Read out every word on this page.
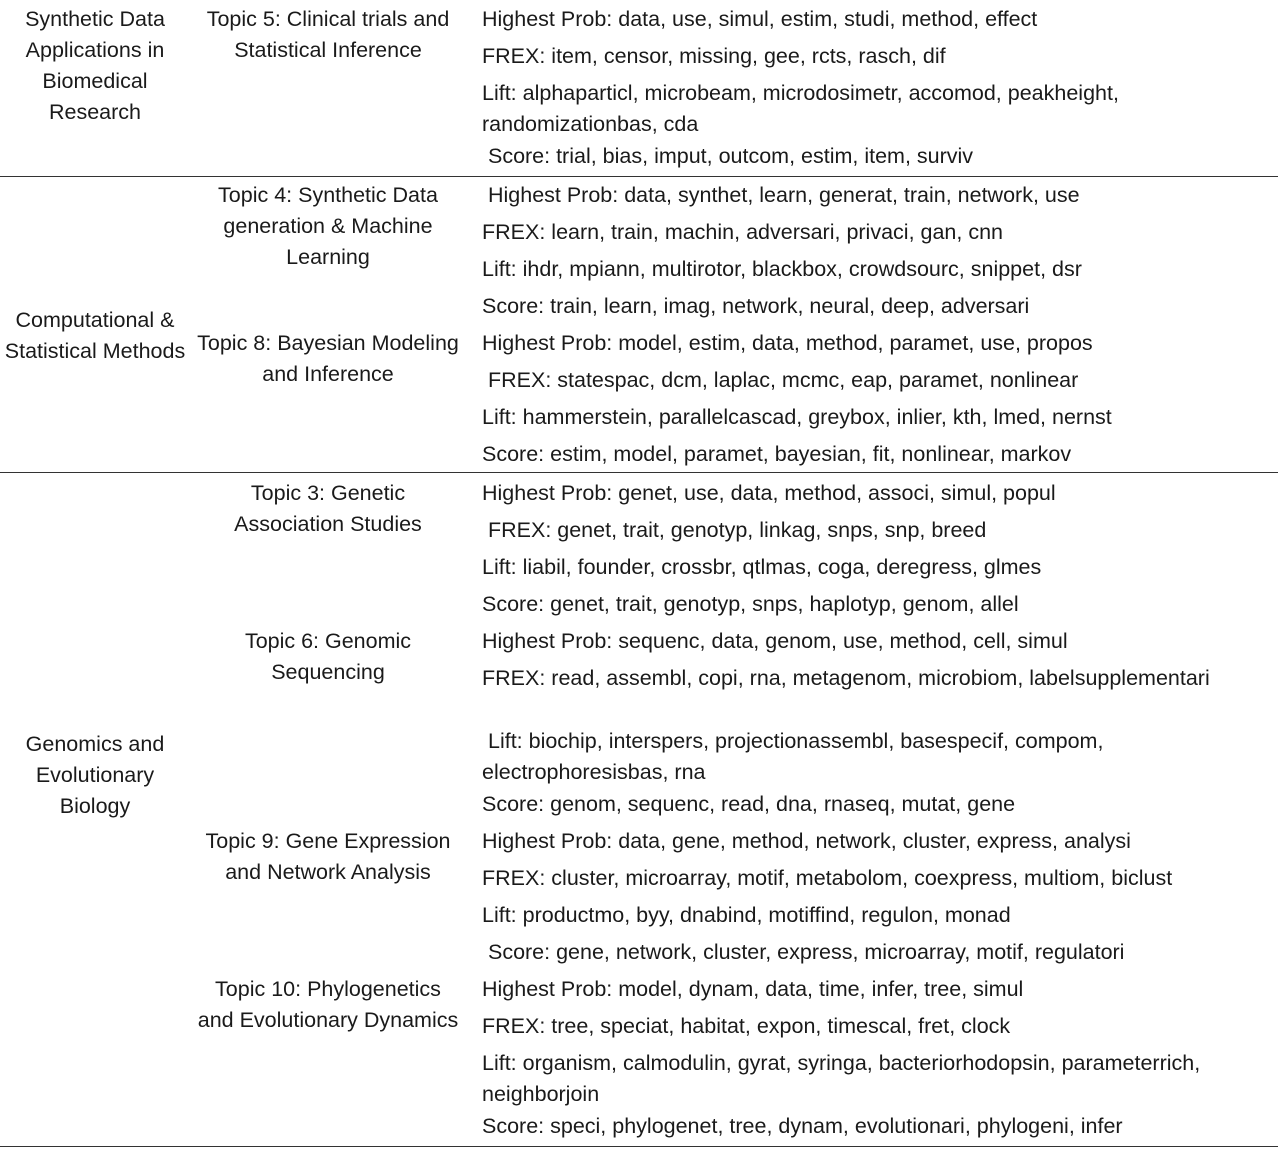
Synthetic Data Applications in Biomedical Research
Topic 5: Clinical trials and Statistical Inference
Highest Prob: data, use, simul, estim, studi, method, effect
FREX: item, censor, missing, gee, rcts, rasch, dif
Lift: alphaparticl, microbeam, microdosimetr, accomod, peakheight, randomizationbas, cda
Score: trial, bias, imput, outcom, estim, item, surviv
Computational & Statistical Methods
Topic 4: Synthetic Data generation & Machine Learning
Highest Prob: data, synthet, learn, generat, train, network, use
FREX: learn, train, machin, adversari, privaci, gan, cnn
Lift: ihdr, mpiann, multirotor, blackbox, crowdsourc, snippet, dsr
Score: train, learn, imag, network, neural, deep, adversari
Topic 8: Bayesian Modeling and Inference
Highest Prob: model, estim, data, method, paramet, use, propos
FREX: statespac, dcm, laplac, mcmc, eap, paramet, nonlinear
Lift: hammerstein, parallelcascad, greybox, inlier, kth, lmed, nernst
Score: estim, model, paramet, bayesian, fit, nonlinear, markov
Genomics and Evolutionary Biology
Topic 3: Genetic Association Studies
Highest Prob: genet, use, data, method, associ, simul, popul
FREX: genet, trait, genotyp, linkag, snps, snp, breed
Lift: liabil, founder, crossbr, qtlmas, coga, deregress, glmes
Score: genet, trait, genotyp, snps, haplotyp, genom, allel
Topic 6: Genomic Sequencing
Highest Prob: sequenc, data, genom, use, method, cell, simul
FREX: read, assembl, copi, rna, metagenom, microbiom, labelsupplementari
Lift: biochip, interspers, projectionassembl, basespecif, compom, electrophoresisbas, rna
Score: genom, sequenc, read, dna, rnaseq, mutat, gene
Topic 9: Gene Expression and Network Analysis
Highest Prob: data, gene, method, network, cluster, express, analysi
FREX: cluster, microarray, motif, metabolom, coexpress, multiom, biclust
Lift: productmo, byy, dnabind, motiffind, regulon, monad
Score: gene, network, cluster, express, microarray, motif, regulatori
Topic 10: Phylogenetics and Evolutionary Dynamics
Highest Prob: model, dynam, data, time, infer, tree, simul
FREX: tree, speciat, habitat, expon, timescal, fret, clock
Lift: organism, calmodulin, gyrat, syringa, bacteriorhodopsin, parameterrich, neighborjoin
Score: speci, phylogenet, tree, dynam, evolutionari, phylogeni, infer
